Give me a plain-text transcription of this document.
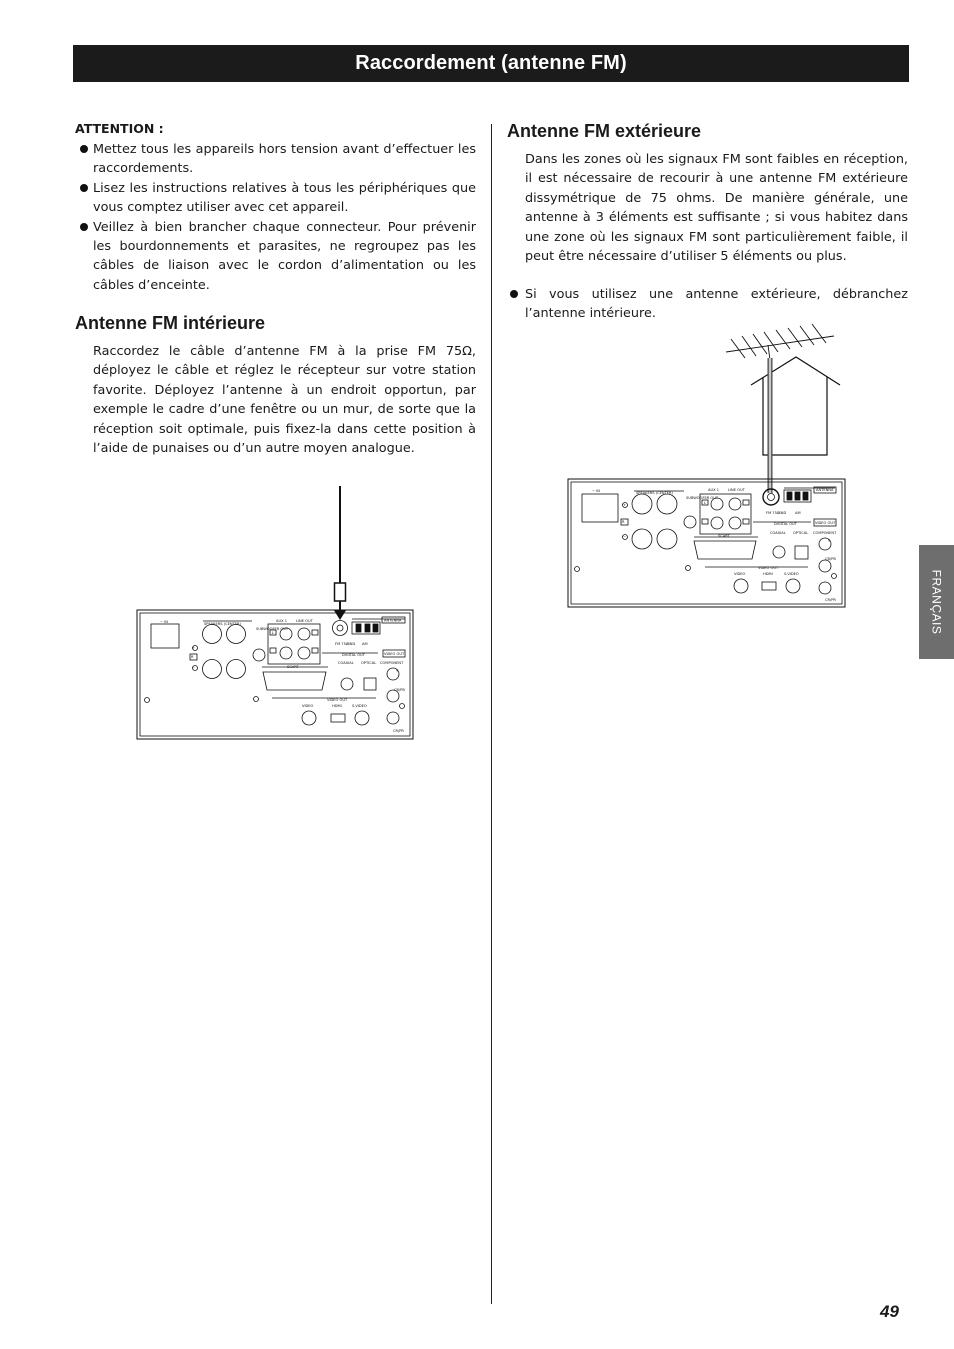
Raccordement (antenne FM)
ATTENTION :
Mettez tous les appareils hors tension avant d’effectuer les raccordements.
Lisez les instructions relatives à tous les périphériques que vous comptez utiliser avec cet appareil.
Veillez à bien brancher chaque connecteur. Pour prévenir les bourdonnements et parasites, ne regroupez pas les câbles de liaison avec le cordon d’alimentation ou les câbles d’enceinte.
Antenne FM intérieure

Raccordez le câble d’antenne FM à la prise FM 75Ω, déployez le câble et réglez le récepteur sur votre station favorite. Déployez l’antenne à un endroit opportun, par exemple le cadre d’une fenêtre ou un mur, de sorte que la réception soit optimale, puis fixez-la dans cette position à l’aide de punaises ou d’un autre moyen analogue.

Antenne FM extérieure

Dans les zones où les signaux FM sont faibles en réception, il est nécessaire de recourir à une antenne FM extérieure dissymétrique de 75 ohms. De manière générale, une antenne à 3 éléments est suffisante ; si vous habitez dans une zone où les signaux FM sont particulièrement faible, il peut être nécessaire d’utiliser 5 éléments ou plus.

Si vous utilisez une antenne extérieure, débranchez l’antenne intérieure.
~ IN	SPEAKERS (CENTER)
SUBWOOFER OUT
AUX 1	LINE OUT	ANTENNA
FM 75Ω
GND AM
DIGITAL OUT	VIDEO OUT
SCART
COAXIAL OPTICAL COMPONENT
Y
CB/PB
CR/PR
VIDEO OUT
VIDEO	HDMI	S-VIDEO
R
L
+
−
~ IN	SPEAKERS (CENTER)
SUBWOOFER OUT
AUX 1	LINE OUT	ANTENNA
FM 75Ω
GND AM
DIGITAL OUT	VIDEO OUT
SCART
COAXIAL OPTICAL COMPONENT
Y
CB/PB
CR/PR
VIDEO OUT
VIDEO	HDMI	S-VIDEO
R
L
+
−
FRANÇAIS
49
